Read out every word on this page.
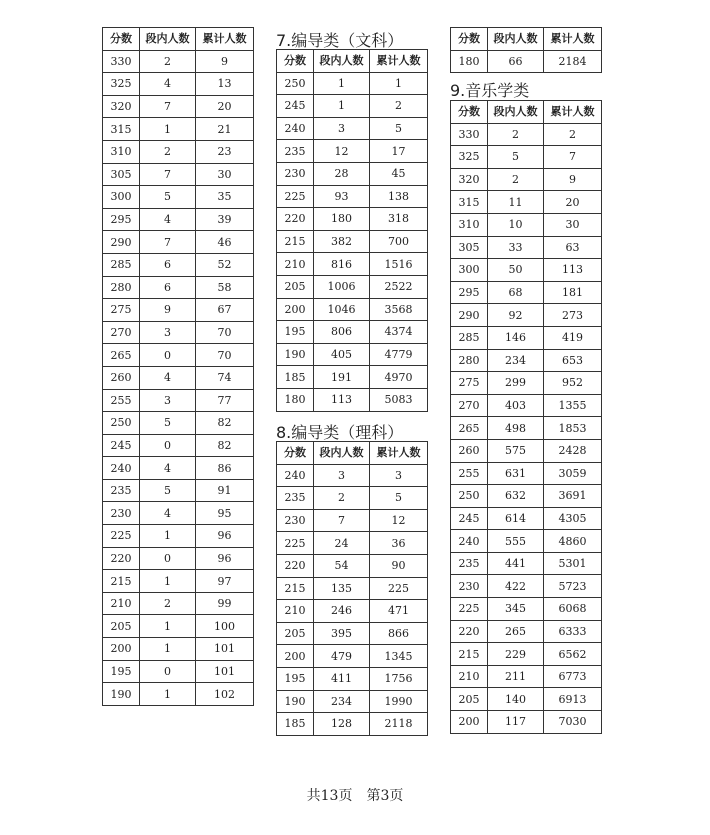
分数	段内人数	累计人数
330	2	9
325	4	13
320	7	20
315	1	21
310	2	23
305	7	30
300	5	35
295	4	39
290	7	46
285	6	52
280	6	58
275	9	67
270	3	70
265	0	70
260	4	74
255	3	77
250	5	82
245	0	82
240	4	86
235	5	91
230	4	95
225	1	96
220	0	96
215	1	97
210	2	99
205	1	100
200	1	101
195	0	101
190	1	102
7.编导类（文科）
分数	段内人数	累计人数
250	1	1
245	1	2
240	3	5
235	12	17
230	28	45
225	93	138
220	180	318
215	382	700
210	816	1516
205	1006	2522
200	1046	3568
195	806	4374
190	405	4779
185	191	4970
180	113	5083
8.编导类（理科）
分数	段内人数	累计人数
240	3	3
235	2	5
230	7	12
225	24	36
220	54	90
215	135	225
210	246	471
205	395	866
200	479	1345
195	411	1756
190	234	1990
185	128	2118
分数	段内人数	累计人数
180	66	2184
9.音乐学类
分数	段内人数	累计人数
330	2	2
325	5	7
320	2	9
315	11	20
310	10	30
305	33	63
300	50	113
295	68	181
290	92	273
285	146	419
280	234	653
275	299	952
270	403	1355
265	498	1853
260	575	2428
255	631	3059
250	632	3691
245	614	4305
240	555	4860
235	441	5301
230	422	5723
225	345	6068
220	265	6333
215	229	6562
210	211	6773
205	140	6913
200	117	7030
共13页　第3页
